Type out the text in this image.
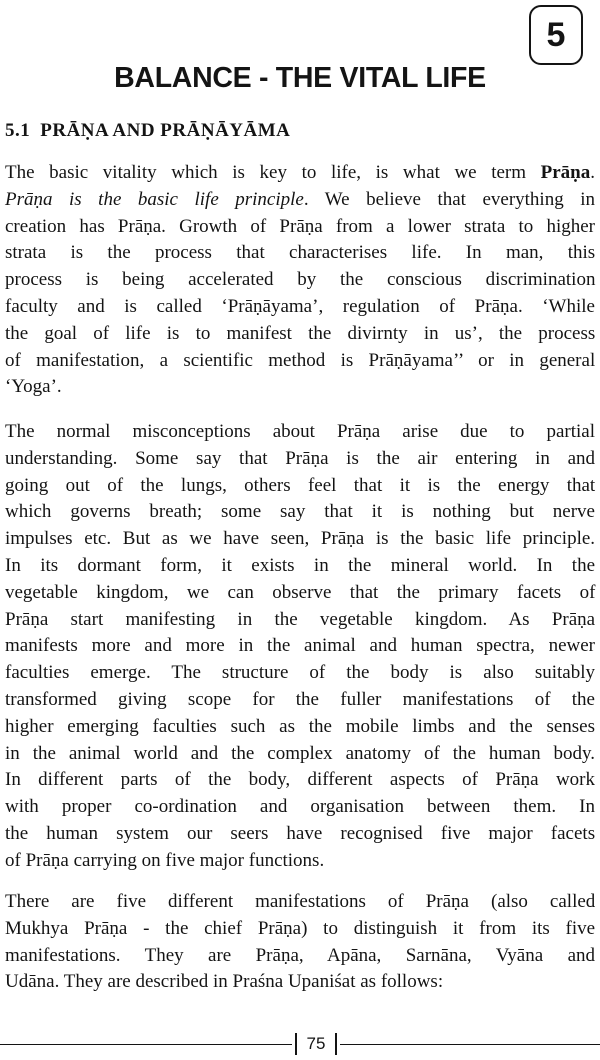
5
BALANCE - THE VITAL LIFE
5.1 PRĀṆA AND PRĀṆĀYĀMA

The basic vitality which is key to life, is what we term Prāṇa.
Prāṇa is the basic life principle. We believe that everything in
creation has Prāṇa. Growth of Prāṇa from a lower strata to higher
strata is the process that characterises life. In man, this
process is being accelerated by the conscious discrimination
faculty and is called ‘Prāṇāyama’, regulation of Prāṇa. ‘While
the goal of life is to manifest the divirnty in us’, the process
of manifestation, a scientific method is Prāṇāyama’’ or in general
‘Yoga’.

The normal misconceptions about Prāṇa arise due to partial
understanding. Some say that Prāṇa is the air entering in and
going out of the lungs, others feel that it is the energy that
which governs breath; some say that it is nothing but nerve
impulses etc. But as we have seen, Prāṇa is the basic life principle.
In its dormant form, it exists in the mineral world. In the
vegetable kingdom, we can observe that the primary facets of
Prāṇa start manifesting in the vegetable kingdom. As Prāṇa
manifests more and more in the animal and human spectra, newer
faculties emerge. The structure of the body is also suitably
transformed giving scope for the fuller manifestations of the
higher emerging faculties such as the mobile limbs and the senses
in the animal world and the complex anatomy of the human body.
In different parts of the body, different aspects of Prāṇa work
with proper co-ordination and organisation between them. In
the human system our seers have recognised five major facets
of Prāṇa carrying on five major functions.

There are five different manifestations of Prāṇa (also called
Mukhya Prāṇa - the chief Prāṇa) to distinguish it from its five
manifestations. They are Prāṇa, Apāna, Sarnāna, Vyāna and
Udāna. They are described in Praśna Upaniśat as follows:

75
